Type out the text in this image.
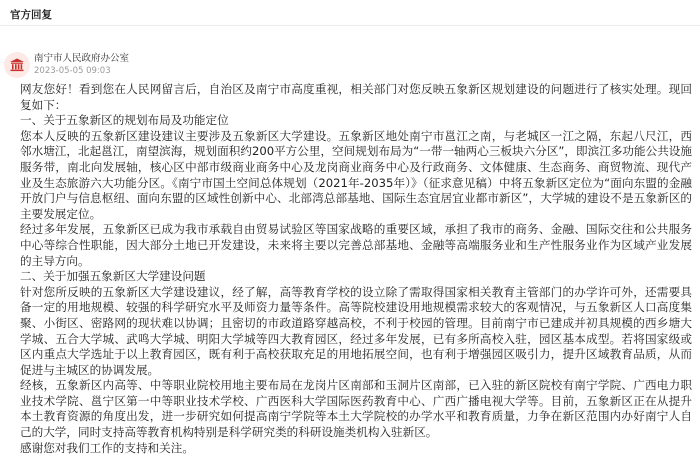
官方回复
南宁市人民政府办公室
2023-05-05 09:03

网友您好！看到您在人民网留言后，自治区及南宁市高度重视，相关部门对您反映五象新区规划建设的问题进行了核实处理。现回复如下：

一、关于五象新区的规划布局及功能定位

您本人反映的五象新区建设建议主要涉及五象新区大学建设。五象新区地处南宁市邕江之南，与老城区一江之隔，东起八尺江，西邻水塘江，北起邕江，南望滨海，规划面积约200平方公里，空间规划布局为“一带一轴两心三板块六分区”，即滨江多功能公共设施服务带，南北向发展轴，核心区中部市级商业商务中心及龙岗商业商务中心及行政商务、文体健康、生态商务、商贸物流、现代产业及生态旅游六大功能分区。《南宁市国土空间总体规划（2021年-2035年）》（征求意见稿）中将五象新区定位为“面向东盟的金融开放门户与信息枢纽、面向东盟的区域性创新中心、北部湾总部基地、国际生态宜居宜业都市新区”，大学城的建设不是五象新区的主要发展定位。

经过多年发展，五象新区已成为我市承载自由贸易试验区等国家战略的重要区域，承担了我市的商务、金融、国际交往和公共服务中心等综合性职能，因大部分土地已开发建设，未来将主要以完善总部基地、金融等高端服务业和生产性服务业作为区域产业发展的主导方向。

二、关于加强五象新区大学建设问题

针对您所反映的五象新区大学建设建议，经了解，高等教育学校的设立除了需取得国家相关教育主管部门的办学许可外，还需要具备一定的用地规模、较强的科学研究水平及师资力量等条件。高等院校建设用地规模需求较大的客观情况，与五象新区人口高度集聚、小街区、密路网的现状难以协调；且密切的市政道路穿越高校，不利于校园的管理。目前南宁市已建成并初具规模的西乡塘大学城、五合大学城、武鸣大学城、明阳大学城等四大教育园区，经过多年发展，已有多所高校入驻，园区基本成型。若将国家级或区内重点大学选址于以上教育园区，既有利于高校获取充足的用地拓展空间，也有利于增强园区吸引力，提升区域教育品质，从而促进与主城区的协调发展。

经核，五象新区内高等、中等职业院校用地主要布局在龙岗片区南部和玉洞片区南部，已入驻的新区院校有南宁学院、广西电力职业技术学院、邕宁区第一中等职业技术学校、广西医科大学国际医药教育中心、广西广播电视大学等。目前，五象新区正在从提升本土教育资源的角度出发，进一步研究如何提高南宁学院等本土大学院校的办学水平和教育质量，力争在新区范围内办好南宁人自己的大学，同时支持高等教育机构特别是科学研究类的科研设施类机构入驻新区。

感谢您对我们工作的支持和关注。
